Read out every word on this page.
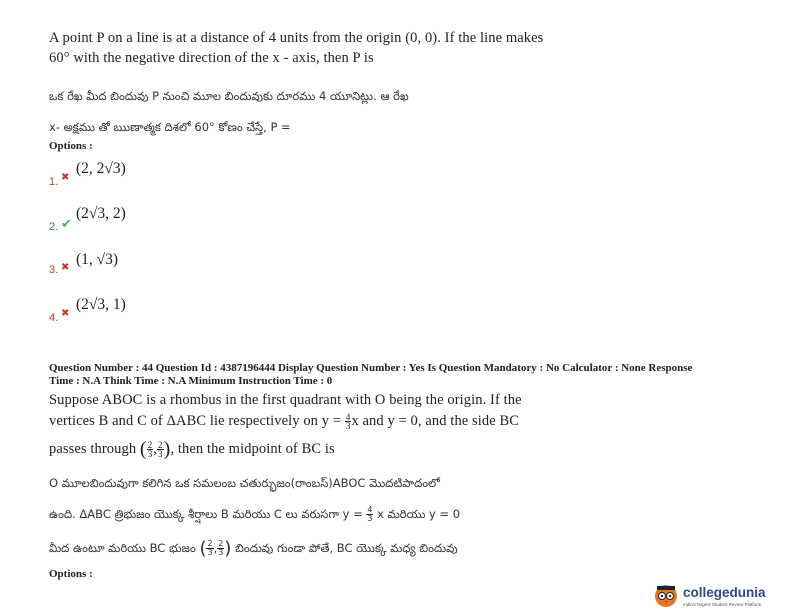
A point P on a line is at a distance of 4 units from the origin (0, 0). If the line makes
60° with the negative direction of the x - axis, then P is
ఒక రేఖ మీద బిందువు P నుంచి మూల బిందువుకు దూరము 4 యూనిట్లు. ఆ రేఖ
x- అక్షము తో ఋణాత్మక దిశలో 60° కోణం చేస్తే, P =
Options :
1. ✖
(2, 2√3)
2. ✔
(2√3, 2)
3. ✖ (1, √3)
4. ✖
(2√3, 1)
Question Number : 44 Question Id : 4387196444 Display Question Number : Yes Is Question Mandatory : No Calculator : None Response
Time : N.A Think Time : N.A Minimum Instruction Time : 0
Suppose ABOC is a rhombus in the first quadrant with O being the origin. If the
vertices B and C of ΔABC lie respectively on $y = \frac{4}{3}$ x and y = 0, and the side BC
passes through ( $\frac{2}{3}$ , $\frac{2}{3}$ ), then the midpoint of BC is
O మూలబిందువుగా కలిగిన ఒక సమలంబ చతుర్భుజం(రాంబస్)ABOC మొదటిపాదంలో
ఉంది. ΔABC త్రిభుజం యొక్క శీర్షాలు B మరియు C లు వరుసగా $y = \frac{4}{3}$ x మరియు y = 0
మీద ఉంటూ మరియు BC భుజం ( $\frac{2}{3}$ , $\frac{2}{3}$ ) బిందువు గుండా పోతే, BC యొక్క మధ్య బిందువు
Options :
collegedunia
India's largest Student Review Platform
